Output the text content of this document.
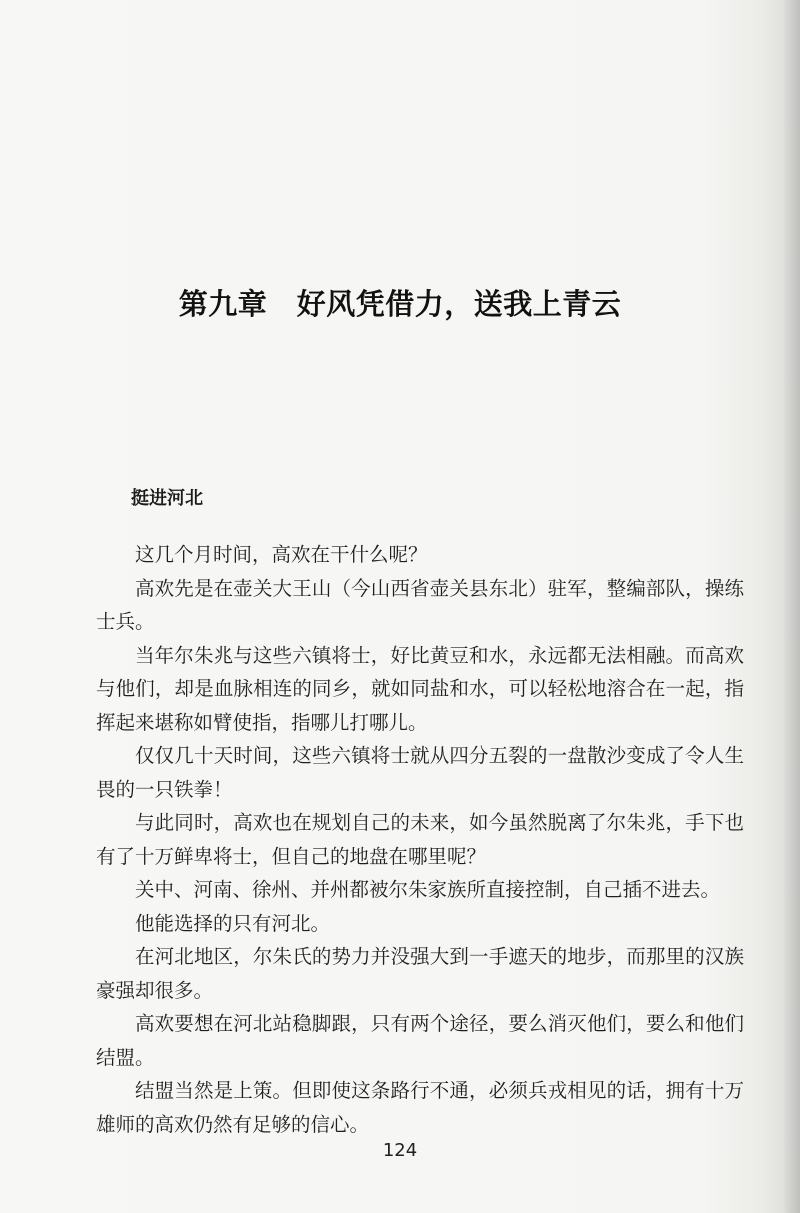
第九章　好风凭借力，送我上青云
挺进河北

这几个月时间，高欢在干什么呢？

高欢先是在壶关大王山（今山西省壶关县东北）驻军，整编部队，操练士兵。

当年尔朱兆与这些六镇将士，好比黄豆和水，永远都无法相融。而高欢与他们，却是血脉相连的同乡，就如同盐和水，可以轻松地溶合在一起，指挥起来堪称如臂使指，指哪儿打哪儿。

仅仅几十天时间，这些六镇将士就从四分五裂的一盘散沙变成了令人生畏的一只铁拳！

与此同时，高欢也在规划自己的未来，如今虽然脱离了尔朱兆，手下也有了十万鲜卑将士，但自己的地盘在哪里呢？

关中、河南、徐州、并州都被尔朱家族所直接控制，自己插不进去。

他能选择的只有河北。

在河北地区，尔朱氏的势力并没强大到一手遮天的地步，而那里的汉族豪强却很多。

高欢要想在河北站稳脚跟，只有两个途径，要么消灭他们，要么和他们结盟。

结盟当然是上策。但即使这条路行不通，必须兵戎相见的话，拥有十万雄师的高欢仍然有足够的信心。

124
